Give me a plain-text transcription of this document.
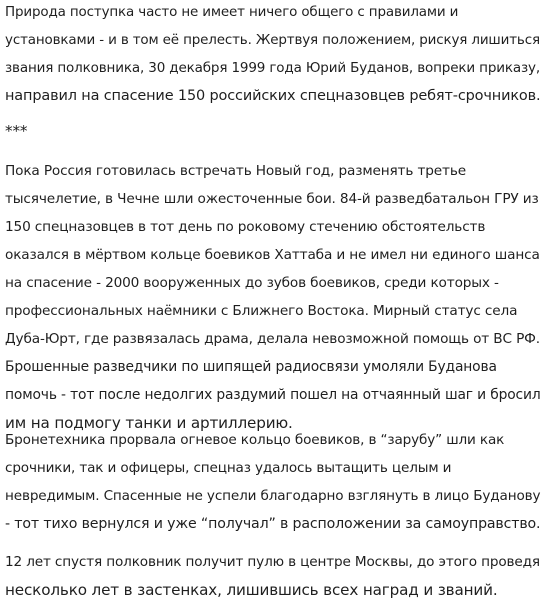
Природа поступка часто не имеет ничего общего с правилами и
установками - и в том её прелесть. Жертвуя положением, рискуя лишиться
звания полковника, 30 декабря 1999 года Юрий Буданов, вопреки приказу,
направил на спасение 150 российских спецназовцев ребят-срочников.
***
Пока Россия готовилась встречать Новый год, разменять третье
тысячелетие, в Чечне шли ожесточенные бои. 84-й разведбатальон ГРУ из
150 спецназовцев в тот день по роковому стечению обстоятельств
оказался в мёртвом кольце боевиков Хаттаба и не имел ни единого шанса
на спасение - 2000 вооруженных до зубов боевиков, среди которых -
профессиональных наёмники с Ближнего Востока. Мирный статус села
Дуба-Юрт, где развязалась драма, делала невозможной помощь от ВС РФ.
Брошенные разведчики по шипящей радиосвязи умоляли Буданова
помочь - тот после недолгих раздумий пошел на отчаянный шаг и бросил
им на подмогу танки и артиллерию.
Бронетехника прорвала огневое кольцо боевиков, в “зарубу” шли как
срочники, так и офицеры, спецназ удалось вытащить целым и
невредимым. Спасенные не успели благодарно взглянуть в лицо Буданову
- тот тихо вернулся и уже “получал” в расположении за самоуправство.
12 лет спустя полковник получит пулю в центре Москвы, до этого проведя
несколько лет в застенках, лишившись всех наград и званий.
